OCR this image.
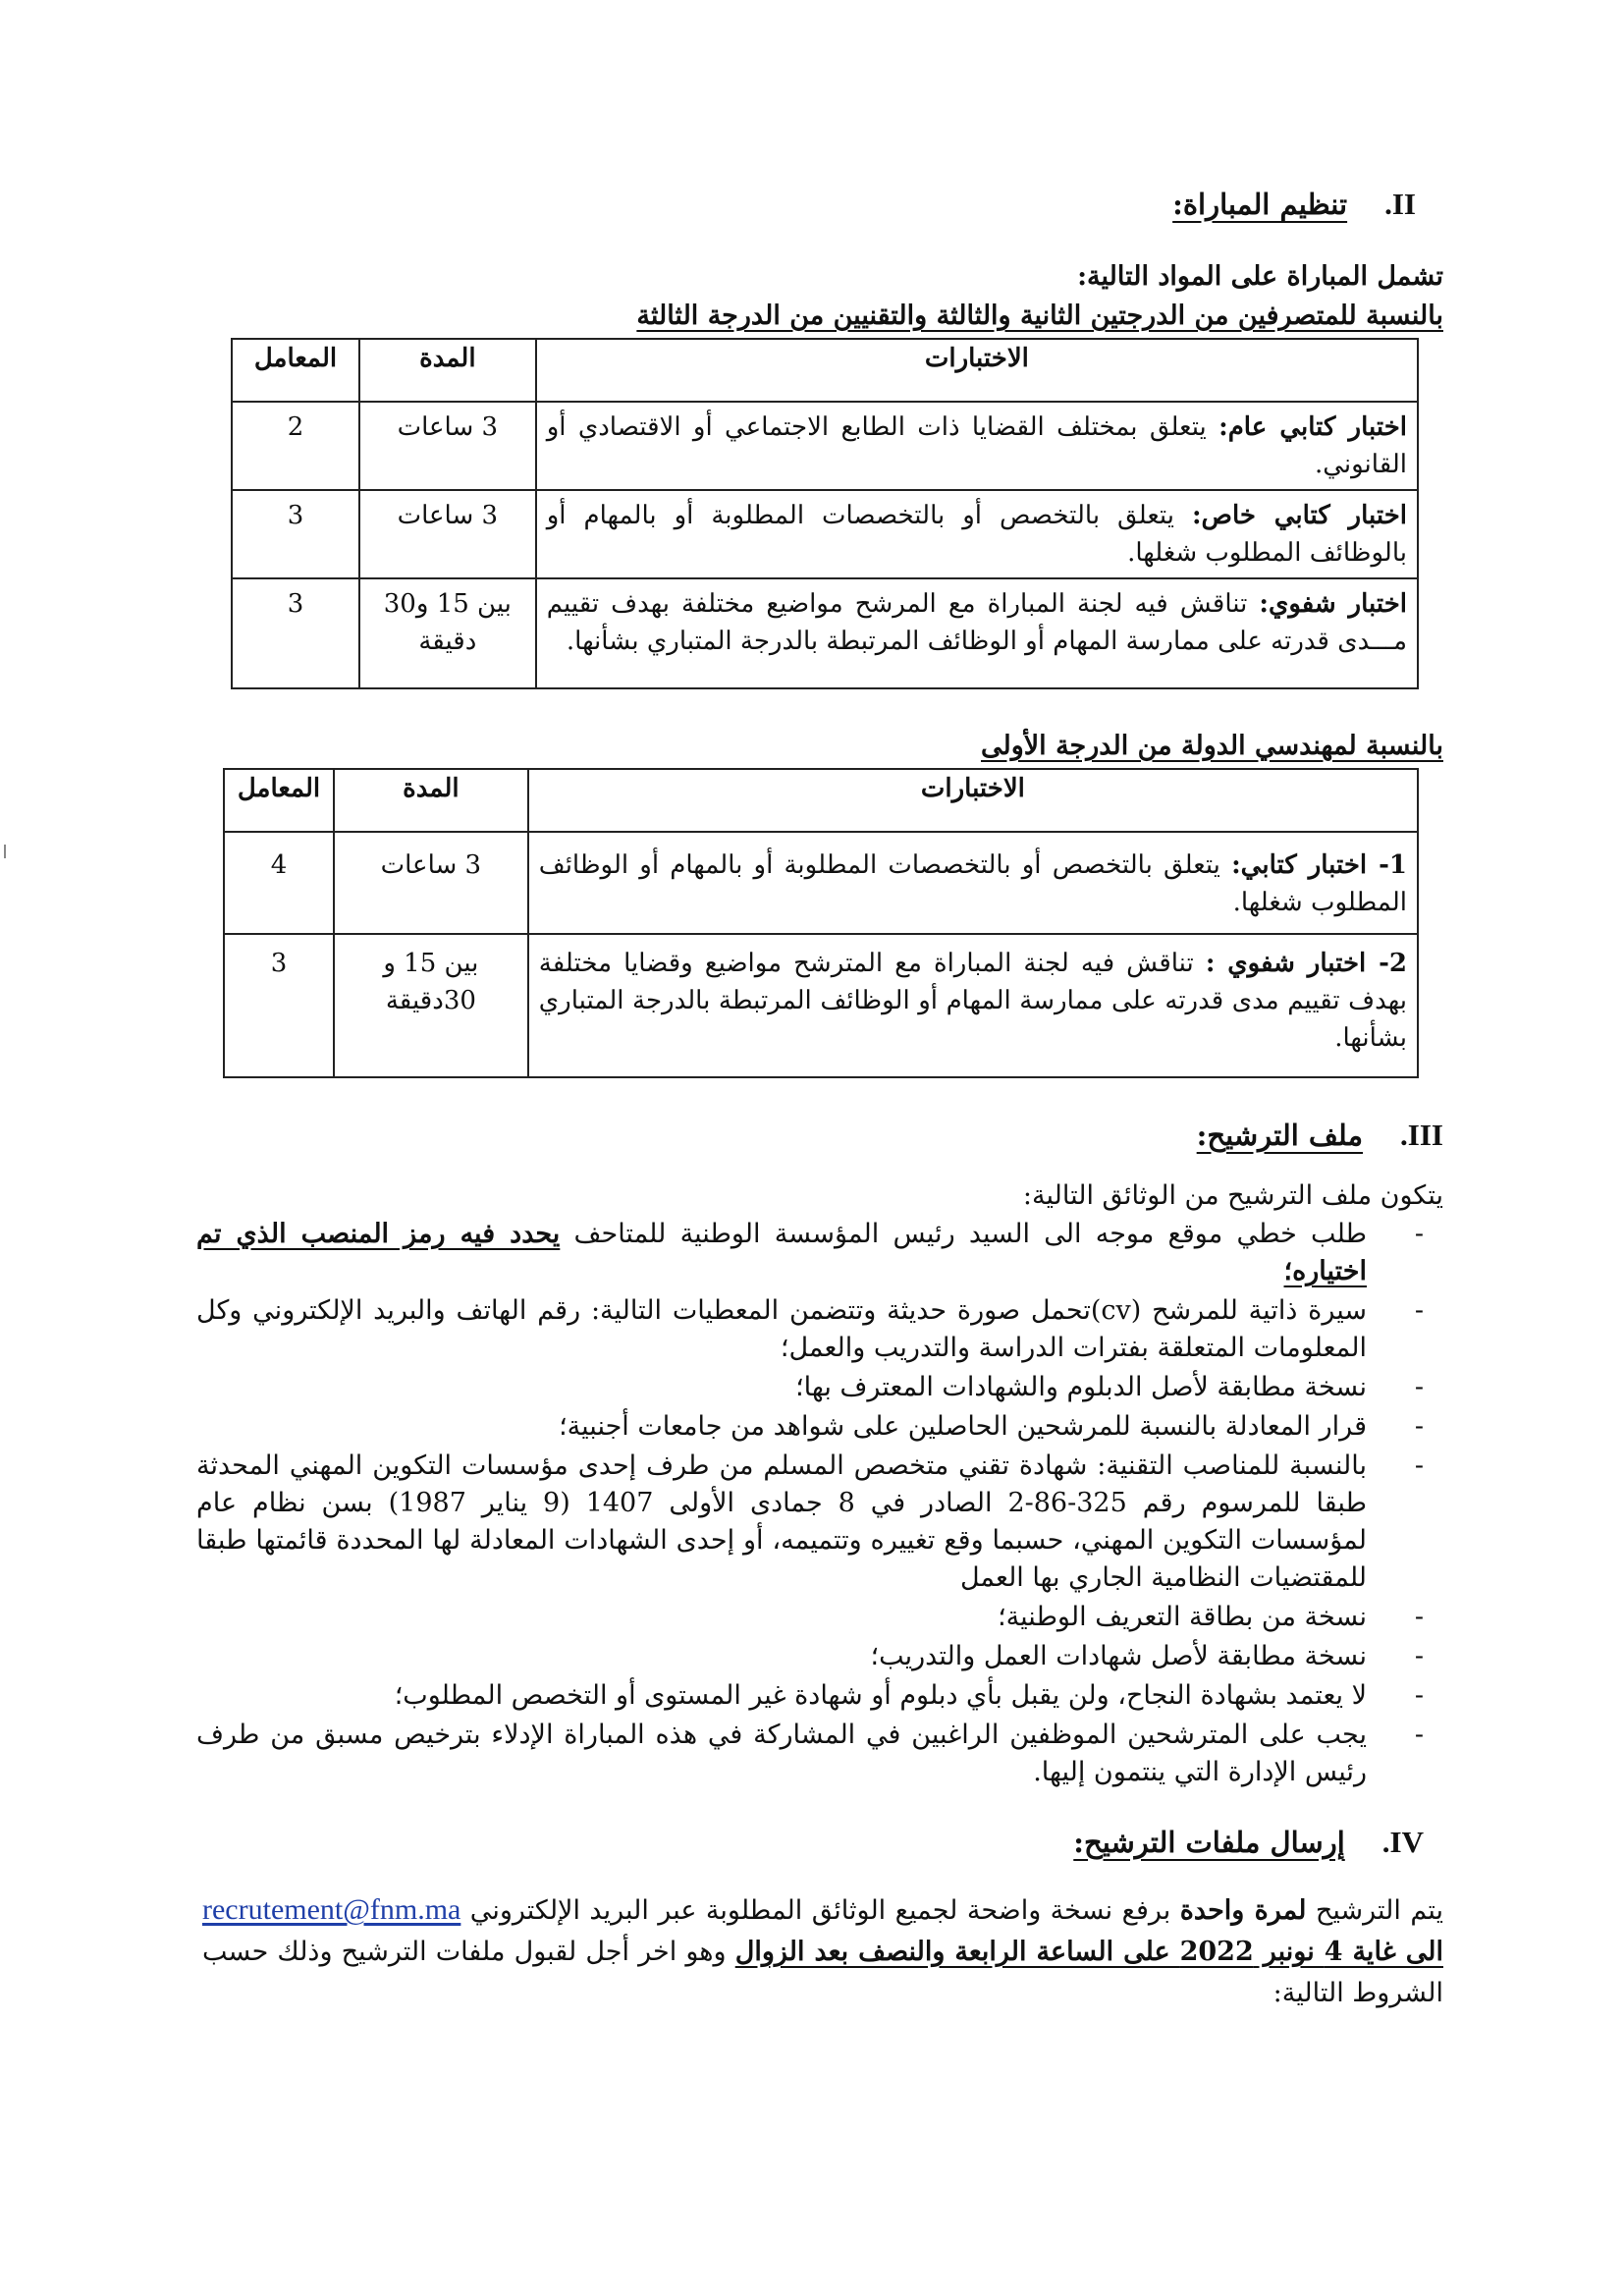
II.
تنظيم المباراة:
تشمل المباراة على المواد التالية:
بالنسبة للمتصرفين من الدرجتين الثانية والثالثة والتقنيين من الدرجة الثالثة
الاختبارات	المدة	المعامل
اختبار كتابي عام: يتعلق بمختلف القضايا ذات الطابع الاجتماعي أو الاقتصادي أو القانوني.	3 ساعات	2
اختبار كتابي خاص: يتعلق بالتخصص أو بالتخصصات المطلوبة أو بالمهام أو بالوظائف المطلوب شغلها.	3 ساعات	3
اختبار شفوي: تناقش فيه لجنة المباراة مع المرشح مواضيع مختلفة بهدف تقييم مـــدى قدرته على ممارسة المهام أو الوظائف المرتبطة بالدرجة المتباري بشأنها.	بين 15 و30 دقيقة	3
بالنسبة لمهندسي الدولة من الدرجة الأولى
الاختبارات	المدة	المعامل
1- اختبار كتابي: يتعلق بالتخصص أو بالتخصصات المطلوبة أو بالمهام أو الوظائف المطلوب شغلها.	3 ساعات	4
2- اختبار شفوي : تناقش فيه لجنة المباراة مع المترشح مواضيع وقضايا مختلفة بهدف تقييم مدى قدرته على ممارسة المهام أو الوظائف المرتبطة بالدرجة المتباري بشأنها.	بين 15 و 30دقيقة	3
III.
ملف الترشيح:
يتكون ملف الترشيح من الوثائق التالية:
-
طلب خطي موقع موجه الى السيد رئيس المؤسسة الوطنية للمتاحف يحدد فيه رمز المنصب الذي تم اختياره؛
-
سيرة ذاتية للمرشح (cv)تحمل صورة حديثة وتتضمن المعطيات التالية: رقم الهاتف والبريد الإلكتروني وكل المعلومات المتعلقة بفترات الدراسة والتدريب والعمل؛
-
نسخة مطابقة لأصل الدبلوم والشهادات المعترف بها؛
-
قرار المعادلة بالنسبة للمرشحين الحاصلين على شواهد من جامعات أجنبية؛
-
بالنسبة للمناصب التقنية: شهادة تقني متخصص المسلم من طرف إحدى مؤسسات التكوين المهني المحدثة طبقا للمرسوم رقم 325-86-2 الصادر في 8 جمادى الأولى 1407 (9 يناير 1987) بسن نظام عام لمؤسسات التكوين المهني، حسبما وقع تغييره وتتميمه، أو إحدى الشهادات المعادلة لها المحددة قائمتها طبقا للمقتضيات النظامية الجاري بها العمل
-
نسخة من بطاقة التعريف الوطنية؛
-
نسخة مطابقة لأصل شهادات العمل والتدريب؛
-
لا يعتمد بشهادة النجاح، ولن يقبل بأي دبلوم أو شهادة غير المستوى أو التخصص المطلوب؛
-
يجب على المترشحين الموظفين الراغبين في المشاركة في هذه المباراة الإدلاء بترخيص مسبق من طرف رئيس الإدارة التي ينتمون إليها.
IV.
إرسال ملفات الترشيح:
يتم الترشيح لمرة واحدة برفع نسخة واضحة لجميع الوثائق المطلوبة عبر البريد الإلكتروني recrutement@fnm.ma الى غاية 4 نونبر 2022 على الساعة الرابعة والنصف بعد الزوال وهو اخر أجل لقبول ملفات الترشيح وذلك حسب الشروط التالية:
